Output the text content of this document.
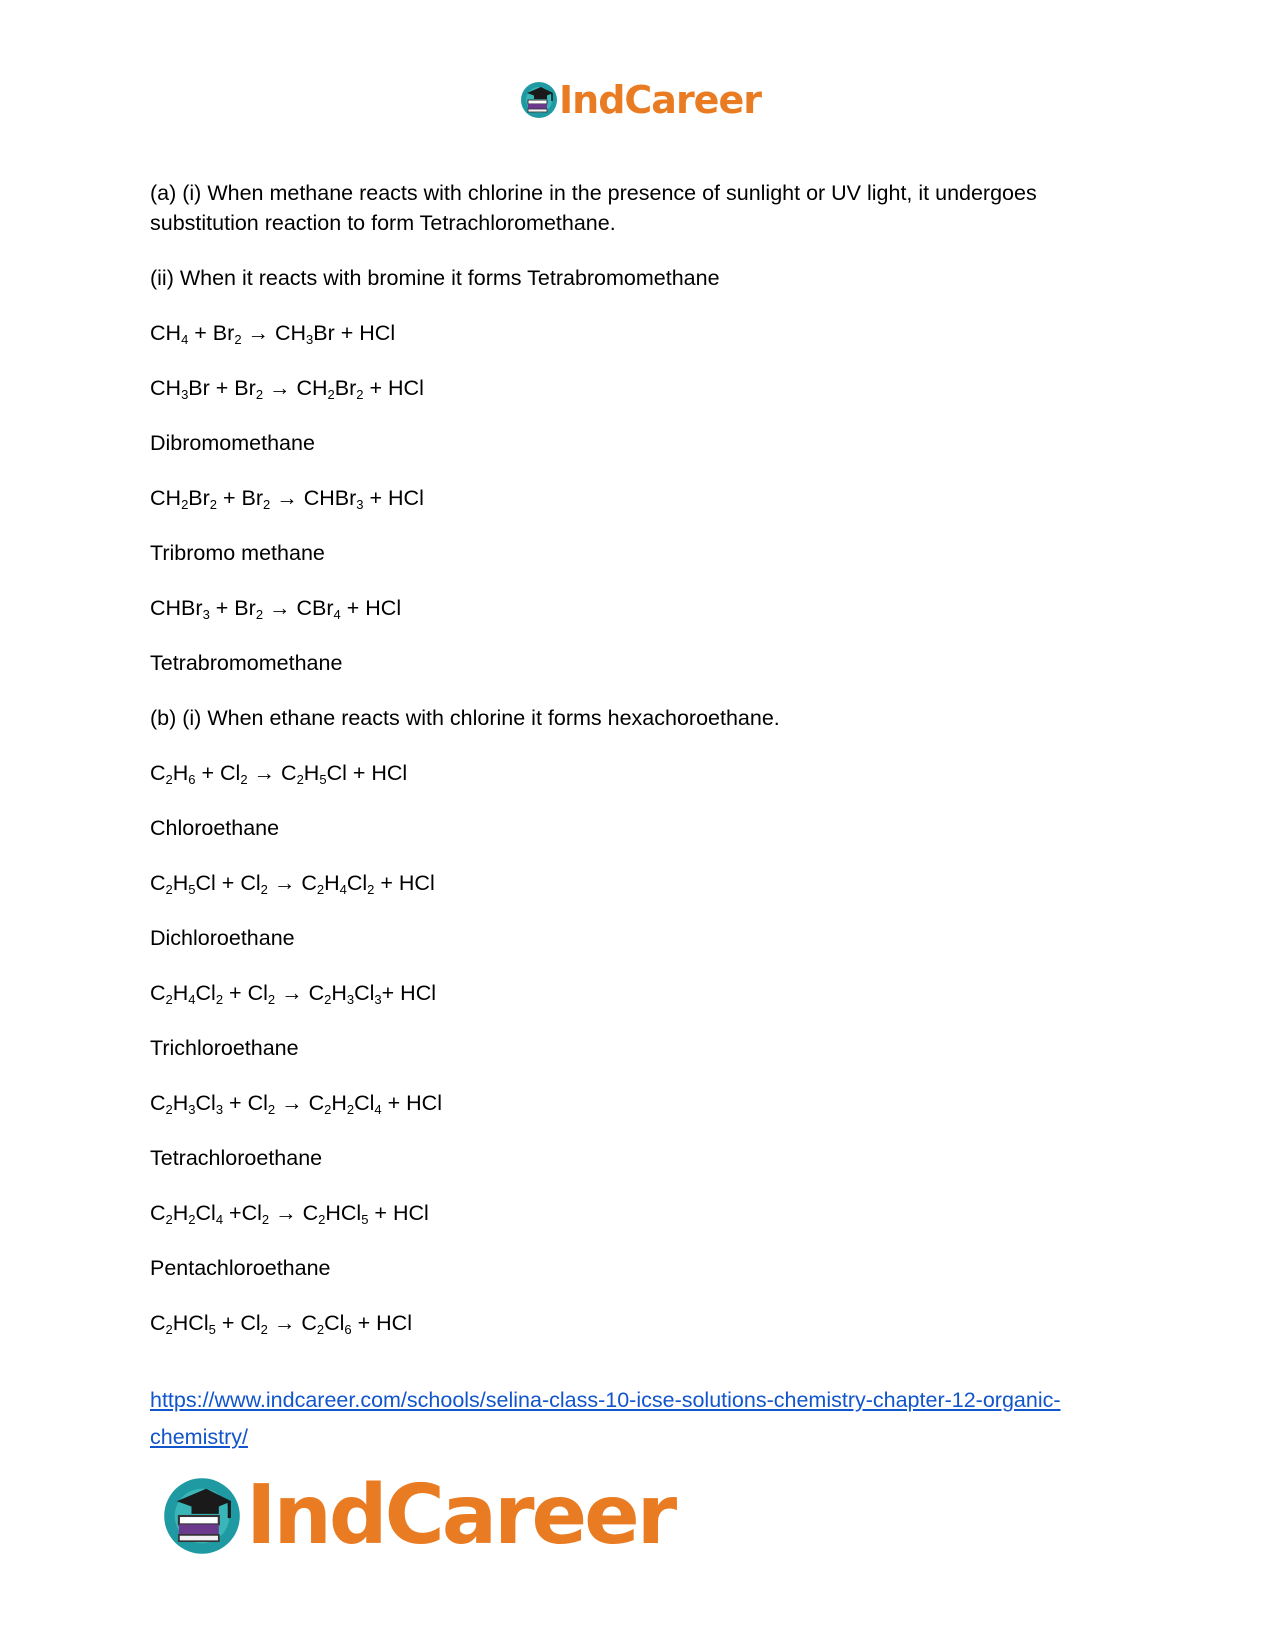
IndCareer

(a) (i) When methane reacts with chlorine in the presence of sunlight or UV light, it undergoes substitution reaction to form Tetrachloromethane.

(ii) When it reacts with bromine it forms Tetrabromomethane

$CH_4 + Br_2 \to CH_3Br$ + HCl

$CH_3Br + Br_2 \to CH_2Br_2$ + HCl

Dibromomethane

$CH_2Br_2 + Br_2$ → CHBr$_3$ + HCl

Tribromo methane

CHBr$_3$ + $Br_2 \to CBr_4$ + HCl

Tetrabromomethane

(b) (i) When ethane reacts with chlorine it forms hexachoroethane.

$C_2H_6 + Cl_2 \to C_2H_5Cl$ + HCl

Chloroethane

$C_2H_5Cl + Cl_2 \to C_2H_4Cl_2$ + HCl

Dichloroethane

$C_2H_4Cl_2 + Cl_2 \to C_2H_3Cl_3+$ HCl

Trichloroethane

$C_2H_3Cl_3 + Cl_2 \to C_2H_2Cl_4$ + HCl

Tetrachloroethane

$C_2H_2Cl_4 +Cl_2 \to C_2HCl_5$ + HCl

Pentachloroethane

$C_2HCl_5 + Cl_2 \to C_2Cl_6$ + HCl

https://www.indcareer.com/schools/selina-class-10-icse-solutions-chemistry-chapter-12-organic-chemistry/
IndCareer
